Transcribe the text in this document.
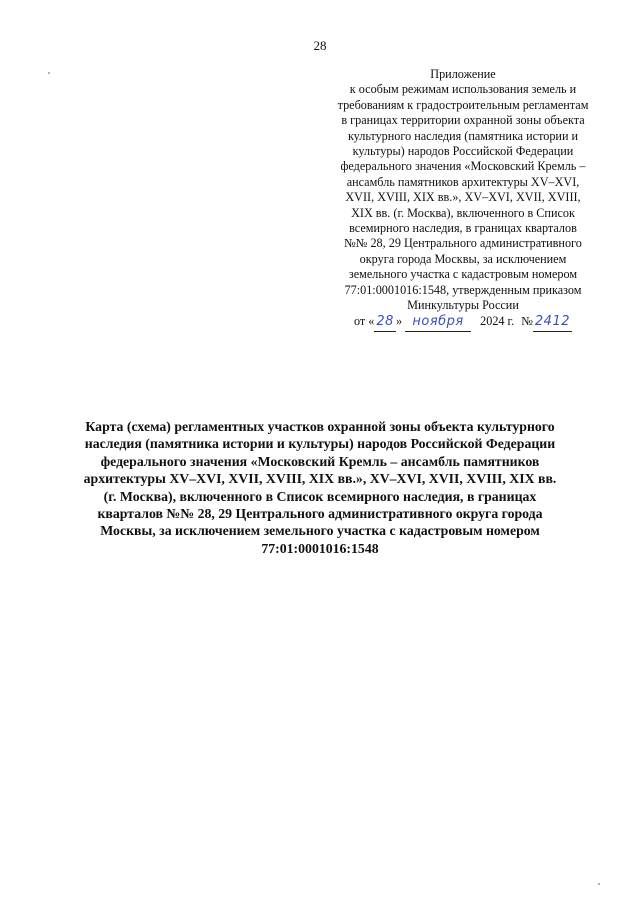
28
Приложение
к особым режимам использования земель и
требованиям к градостроительным регламентам
в границах территории охранной зоны объекта
культурного наследия (памятника истории и
культуры) народов Российской Федерации
федерального значения «Московский Кремль –
ансамбль памятников архитектуры XV–XVI,
XVII, XVIII, XIX вв.», XV–XVI, XVII, XVIII,
XIX вв. (г. Москва), включенного в Список
всемирного наследия, в границах кварталов
№№ 28, 29 Центрального административного
округа города Москвы, за исключением
земельного участка с кадастровым номером
77:01:0001016:1548, утвержденным приказом
Минкультуры России
от « 28 » ноября 2024 г. № 2412
Карта (схема) регламентных участков охранной зоны объекта культурного
наследия (памятника истории и культуры) народов Российской Федерации
федерального значения «Московский Кремль – ансамбль памятников
архитектуры XV–XVI, XVII, XVIII, XIX вв.», XV–XVI, XVII, XVIII, XIX вв.
(г. Москва), включенного в Список всемирного наследия, в границах
кварталов №№ 28, 29 Центрального административного округа города
Москвы, за исключением земельного участка с кадастровым номером
77:01:0001016:1548
